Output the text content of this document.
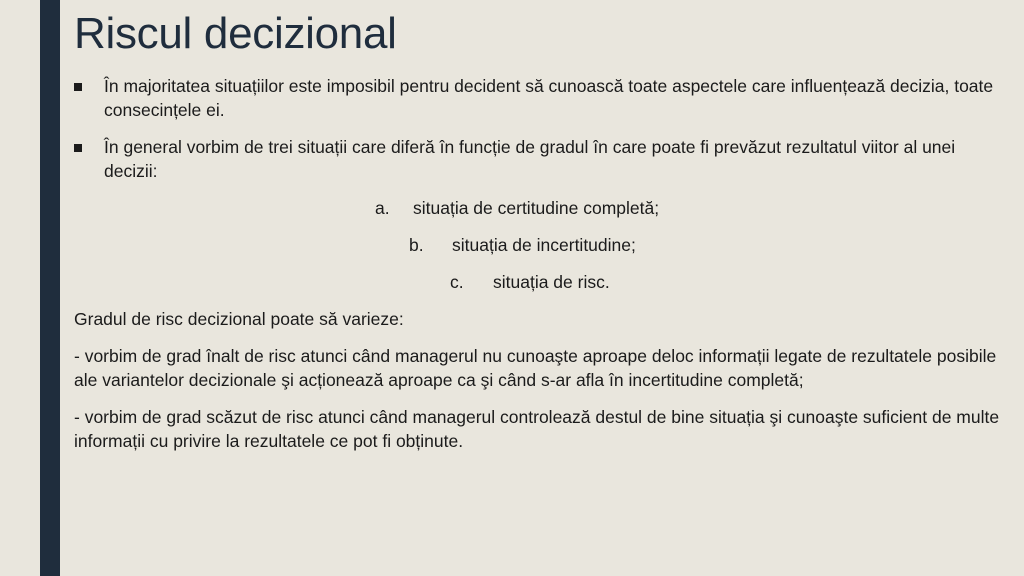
Riscul decizional
În majoritatea situațiilor este imposibil pentru decident să cunoască toate aspectele care influențează decizia, toate consecințele ei.
În general vorbim de trei situații care diferă în funcție de gradul în care poate fi prevăzut rezultatul viitor al unei decizii:
a.	situația de certitudine completă;
b.	situația de incertitudine;
c.	situația de risc.

Gradul de risc decizional poate să varieze:

- vorbim de grad înalt de risc atunci când managerul nu cunoaşte aproape deloc informații legate de rezultatele posibile ale variantelor decizionale şi acționează aproape ca şi când s-ar afla în incertitudine completă;

- vorbim de grad scăzut de risc atunci când managerul controlează destul de bine situația şi cunoaşte suficient de multe informații cu privire la rezultatele ce pot fi obținute.
